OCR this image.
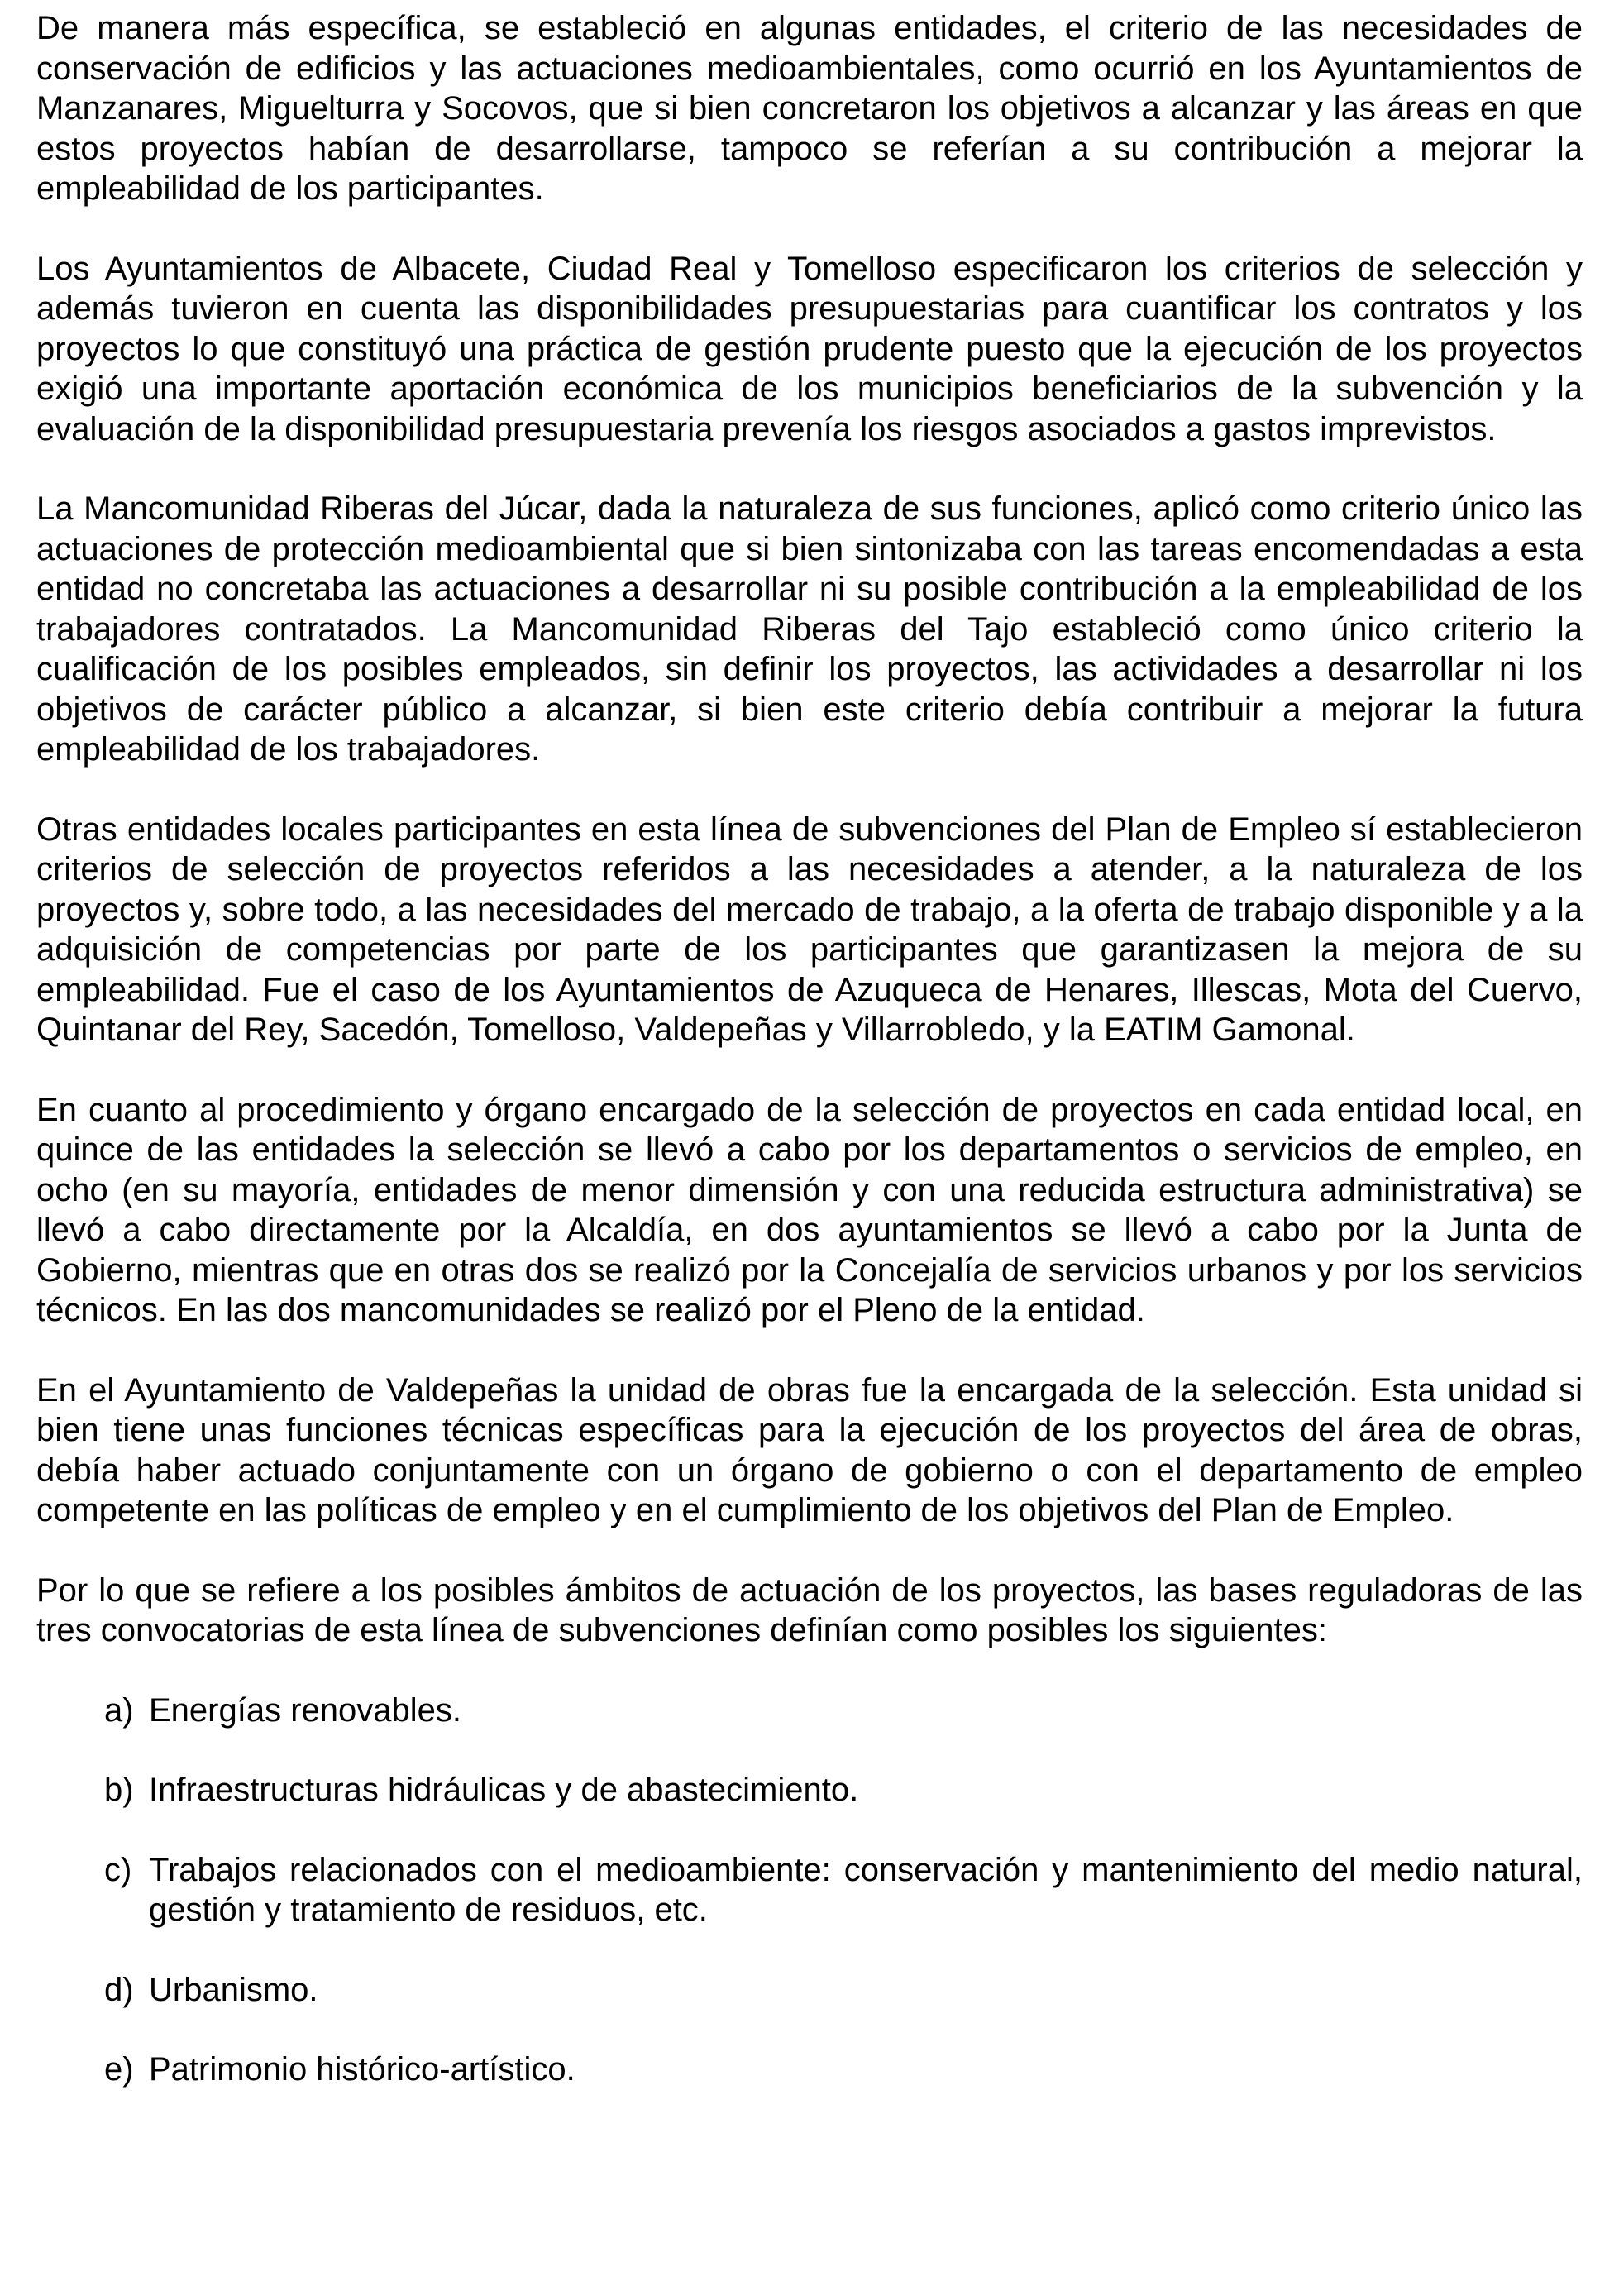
De manera más específica, se estableció en algunas entidades, el criterio de las necesidades de conservación de edificios y las actuaciones medioambientales, como ocurrió en los Ayuntamientos de Manzanares, Miguelturra y Socovos, que si bien concretaron los objetivos a alcanzar y las áreas en que estos proyectos habían de desarrollarse, tampoco se referían a su contribución a mejorar la empleabilidad de los participantes.

Los Ayuntamientos de Albacete, Ciudad Real y Tomelloso especificaron los criterios de selección y además tuvieron en cuenta las disponibilidades presupuestarias para cuantificar los contratos y los proyectos lo que constituyó una práctica de gestión prudente puesto que la ejecución de los proyectos exigió una importante aportación económica de los municipios beneficiarios de la subvención y la evaluación de la disponibilidad presupuestaria prevenía los riesgos asociados a gastos imprevistos.

La Mancomunidad Riberas del Júcar, dada la naturaleza de sus funciones, aplicó como criterio único las actuaciones de protección medioambiental que si bien sintonizaba con las tareas encomendadas a esta entidad no concretaba las actuaciones a desarrollar ni su posible contribución a la empleabilidad de los trabajadores contratados. La Mancomunidad Riberas del Tajo estableció como único criterio la cualificación de los posibles empleados, sin definir los proyectos, las actividades a desarrollar ni los objetivos de carácter público a alcanzar, si bien este criterio debía contribuir a mejorar la futura empleabilidad de los trabajadores.

Otras entidades locales participantes en esta línea de subvenciones del Plan de Empleo sí establecieron criterios de selección de proyectos referidos a las necesidades a atender, a la naturaleza de los proyectos y, sobre todo, a las necesidades del mercado de trabajo, a la oferta de trabajo disponible y a la adquisición de competencias por parte de los participantes que garantizasen la mejora de su empleabilidad. Fue el caso de los Ayuntamientos de Azuqueca de Henares, Illescas, Mota del Cuervo, Quintanar del Rey, Sacedón, Tomelloso, Valdepeñas y Villarrobledo, y la EATIM Gamonal.

En cuanto al procedimiento y órgano encargado de la selección de proyectos en cada entidad local, en quince de las entidades la selección se llevó a cabo por los departamentos o servicios de empleo, en ocho (en su mayoría, entidades de menor dimensión y con una reducida estructura administrativa) se llevó a cabo directamente por la Alcaldía, en dos ayuntamientos se llevó a cabo por la Junta de Gobierno, mientras que en otras dos se realizó por la Concejalía de servicios urbanos y por los servicios técnicos. En las dos mancomunidades se realizó por el Pleno de la entidad.

En el Ayuntamiento de Valdepeñas la unidad de obras fue la encargada de la selección. Esta unidad si bien tiene unas funciones técnicas específicas para la ejecución de los proyectos del área de obras, debía haber actuado conjuntamente con un órgano de gobierno o con el departamento de empleo competente en las políticas de empleo y en el cumplimiento de los objetivos del Plan de Empleo.

Por lo que se refiere a los posibles ámbitos de actuación de los proyectos, las bases reguladoras de las tres convocatorias de esta línea de subvenciones definían como posibles los siguientes:

a) Energías renovables.
b) Infraestructuras hidráulicas y de abastecimiento.
c) Trabajos relacionados con el medioambiente: conservación y mantenimiento del medio natural, gestión y tratamiento de residuos, etc.
d) Urbanismo.
e) Patrimonio histórico-artístico.
